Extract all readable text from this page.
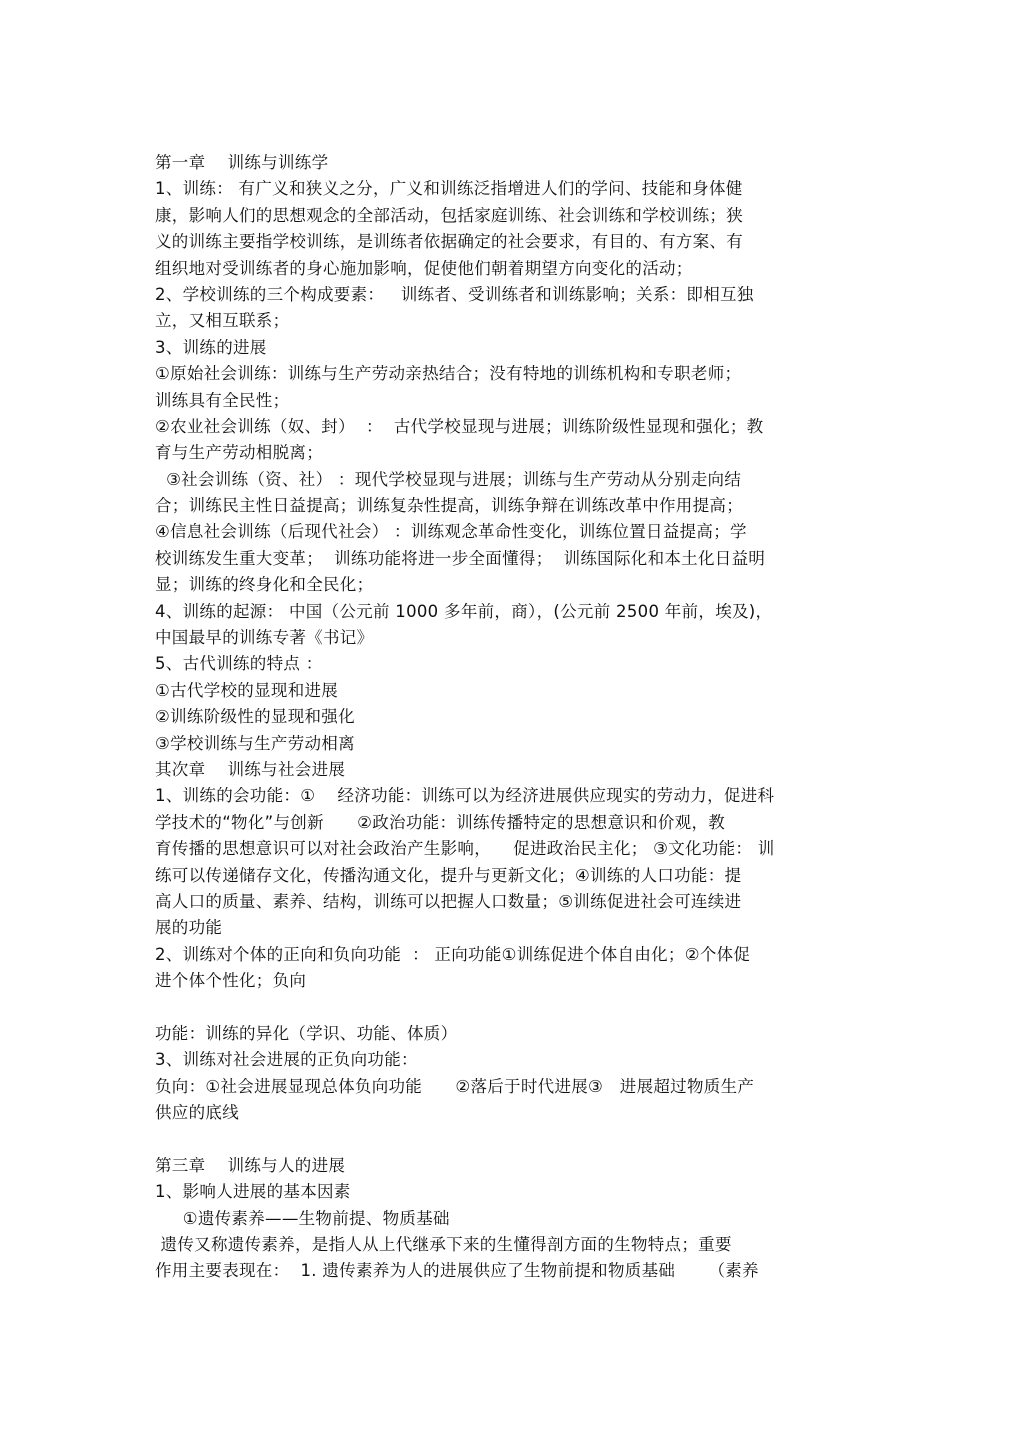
第一章    训练与训练学
1、训练： 有广义和狭义之分，广义和训练泛指增进人们的学问、技能和身体健
康，影响人们的思想观念的全部活动，包括家庭训练、社会训练和学校训练；狭
义的训练主要指学校训练，是训练者依据确定的社会要求，有目的、有方案、有
组织地对受训练者的身心施加影响，促使他们朝着期望方向变化的活动；
2、学校训练的三个构成要素：   训练者、受训练者和训练影响；关系：即相互独
立，又相互联系；
3、训练的进展
①原始社会训练：训练与生产劳动亲热结合；没有特地的训练机构和专职老师；
训练具有全民性；
②农业社会训练（奴、封）  ：  古代学校显现与进展；训练阶级性显现和强化；教
育与生产劳动相脱离；
③社会训练（资、社） ：现代学校显现与进展；训练与生产劳动从分别走向结
合；训练民主性日益提高；训练复杂性提高，训练争辩在训练改革中作用提高；
④信息社会训练（后现代社会） ：训练观念革命性变化，训练位置日益提高；学
校训练发生重大变革；  训练功能将进一步全面懂得；  训练国际化和本土化日益明
显；训练的终身化和全民化；
4、训练的起源： 中国（公元前 1000 多年前，商），(公元前 2500 年前，埃及)，
中国最早的训练专著《书记》
5、古代训练的特点 ：
①古代学校的显现和进展
②训练阶级性的显现和强化
③学校训练与生产劳动相离
其次章    训练与社会进展
1、训练的会功能：①    经济功能：训练可以为经济进展供应现实的劳动力，促进科
学技术的“物化”与创新      ②政治功能：训练传播特定的思想意识和价观，教
育传播的思想意识可以对社会政治产生影响，    促进政治民主化； ③文化功能： 训
练可以传递储存文化，传播沟通文化，提升与更新文化；④训练的人口功能：提
高人口的质量、素养、结构，训练可以把握人口数量；⑤训练促进社会可连续进
展的功能
2、训练对个体的正向和负向功能  ： 正向功能①训练促进个体自由化；②个体促
进个体个性化；负向
功能：训练的异化（学识、功能、体质）
3、训练对社会进展的正负向功能：
负向：①社会进展显现总体负向功能      ②落后于时代进展③   进展超过物质生产
供应的底线
第三章    训练与人的进展
1、影响人进展的基本因素
①遗传素养——生物前提、物质基础
遗传又称遗传素养，是指人从上代继承下来的生懂得剖方面的生物特点；重要
作用主要表现在：  1. 遗传素养为人的进展供应了生物前提和物质基础      （素养
